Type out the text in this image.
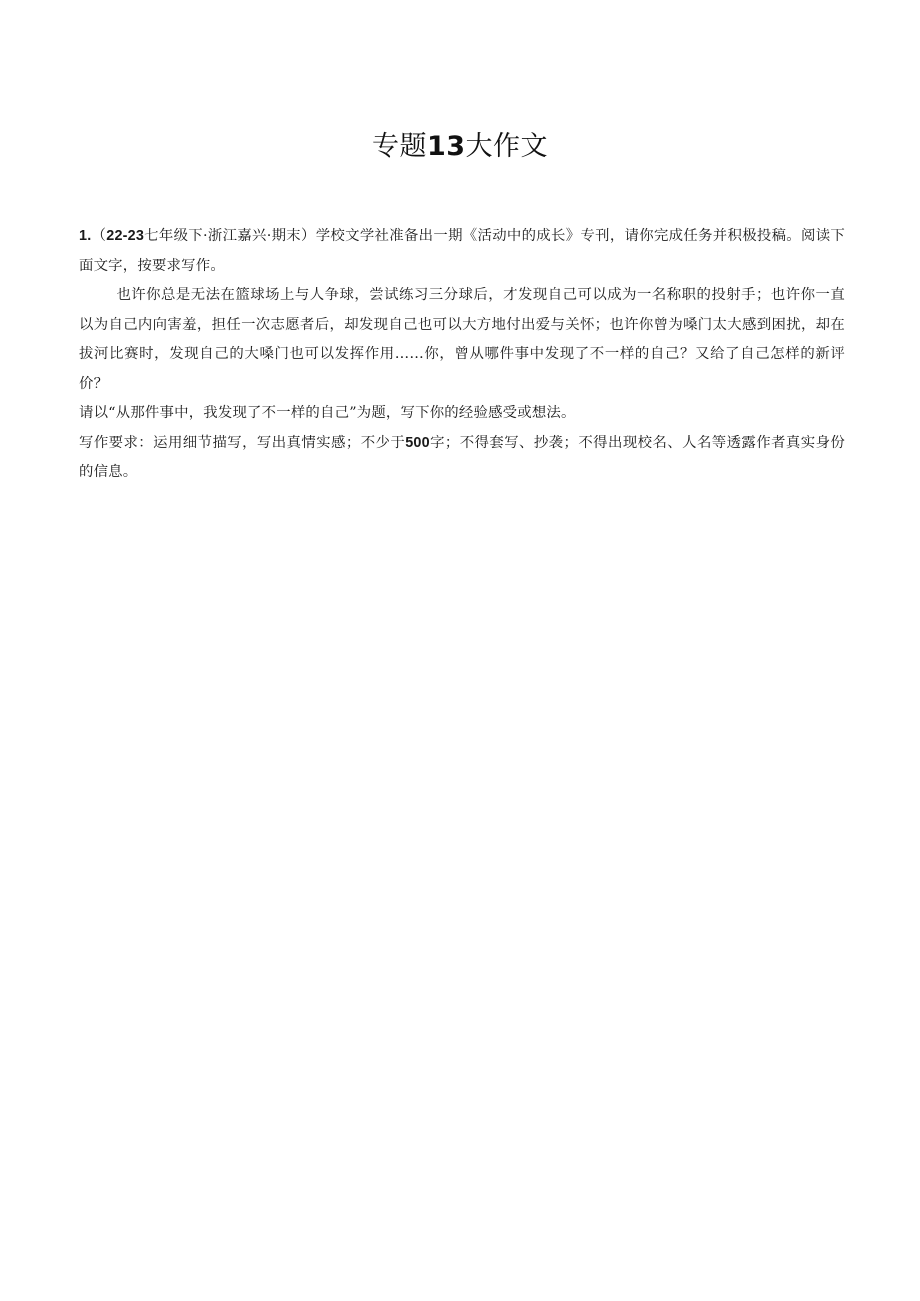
专题13大作文

1.（22-23七年级下·浙江嘉兴·期末）学校文学社准备出一期《活动中的成长》专刊，请你完成任务并积极投稿。阅读下面文字，按要求写作。

也许你总是无法在篮球场上与人争球，尝试练习三分球后，才发现自己可以成为一名称职的投射手；也许你一直以为自己内向害羞，担任一次志愿者后，却发现自己也可以大方地付出爱与关怀；也许你曾为嗓门太大感到困扰，却在拔河比赛时，发现自己的大嗓门也可以发挥作用……你，曾从哪件事中发现了不一样的自己？又给了自己怎样的新评价？

请以“从那件事中，我发现了不一样的自己”为题，写下你的经验感受或想法。

写作要求：运用细节描写，写出真情实感；不少于500字；不得套写、抄袭；不得出现校名、人名等透露作者真实身份的信息。
